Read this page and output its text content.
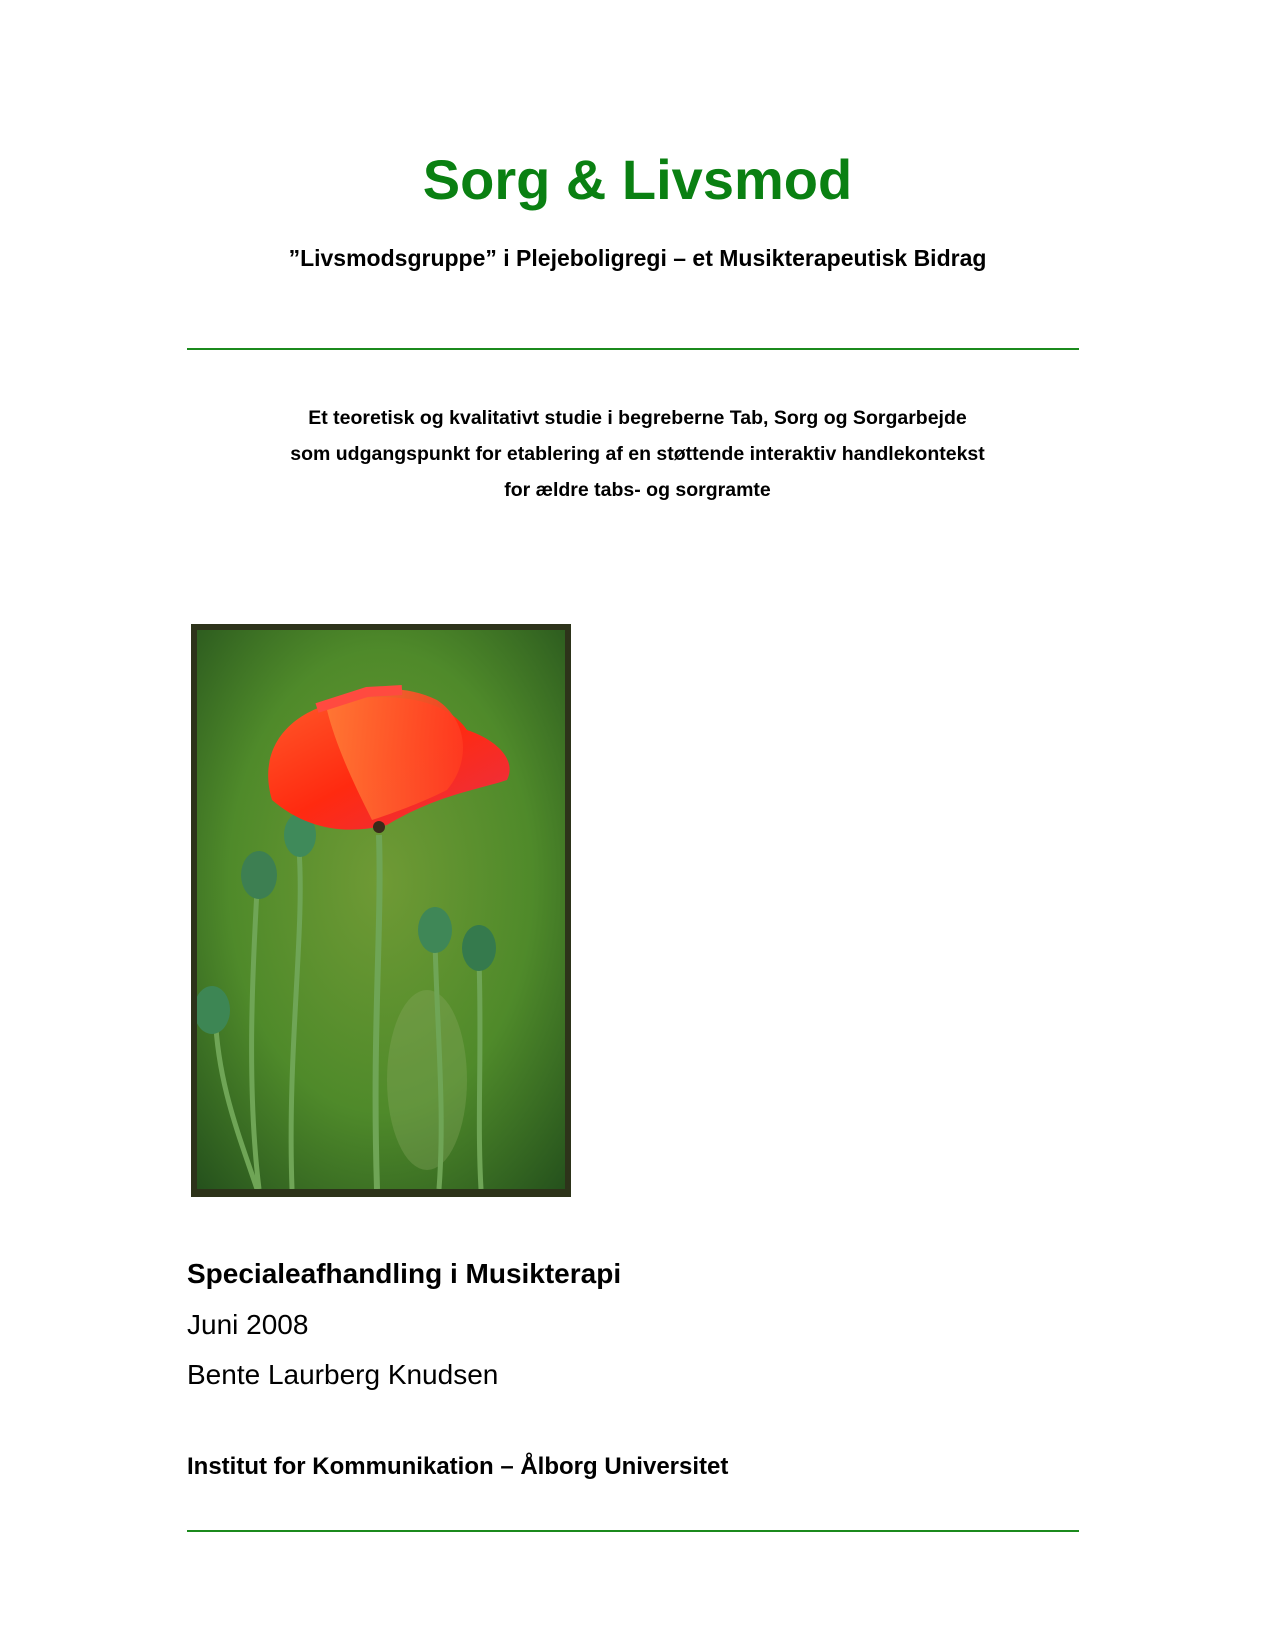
Sorg & Livsmod
”Livsmodsgruppe” i Plejeboligregi – et Musikterapeutisk Bidrag
Et teoretisk og kvalitativt studie i begreberne Tab, Sorg og Sorgarbejde
som udgangspunkt for etablering af en støttende interaktiv handlekontekst
for ældre tabs- og sorgramte
Specialeafhandling i Musikterapi
Juni 2008
Bente Laurberg Knudsen
Institut for Kommunikation – Ålborg Universitet
